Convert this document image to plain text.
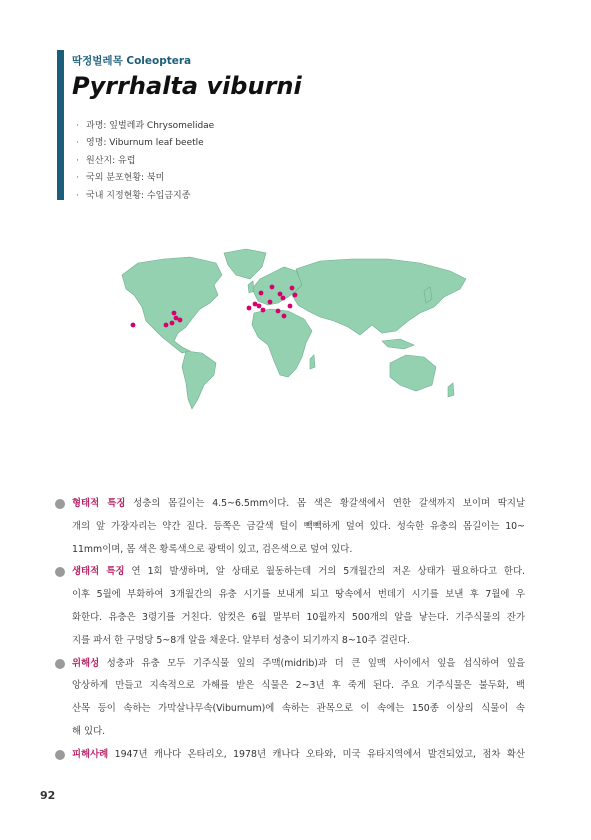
딱정벌레목 Coleoptera
Pyrrhalta viburni
· 과명: 잎벌레과 Chrysomelidae
· 영명: Viburnum leaf beetle
· 원산지: 유럽
· 국외 분포현황: 북미
· 국내 지정현황: 수입금지종
형태적 특징 성충의 몸길이는 4.5~6.5mm이다. 몸 색은 황갈색에서 연한 갈색까지 보이며 딱지날
개의 앞 가장자리는 약간 짙다. 등쪽은 금갈색 털이 빽빽하게 덮여 있다. 성숙한 유충의 몸길이는 10~
11mm이며, 몸 색은 황록색으로 광택이 있고, 검은색으로 덮여 있다.
생태적 특징 연 1회 발생하며, 알 상태로 월동하는데 거의 5개월간의 저온 상태가 필요하다고 한다.
이후 5월에 부화하여 3개월간의 유충 시기를 보내게 되고 땅속에서 번데기 시기를 보낸 후 7월에 우
화한다. 유충은 3령기를 거친다. 암컷은 6월 말부터 10월까지 500개의 알을 낳는다. 기주식물의 잔가
지를 파서 한 구멍당 5~8개 알을 채운다. 알부터 성충이 되기까지 8~10주 걸린다.
위해성 성충과 유충 모두 기주식물 잎의 주맥(midrib)과 더 큰 잎맥 사이에서 잎을 섭식하여 잎을
앙상하게 만들고 지속적으로 가해를 받은 식물은 2~3년 후 죽게 된다. 주요 기주식물은 불두화, 백
산목 등이 속하는 가막살나무속(Viburnum)에 속하는 관목으로 이 속에는 150종 이상의 식물이 속
해 있다.
피해사례 1947년 캐나다 온타리오, 1978년 캐나다 오타와, 미국 유타지역에서 발견되었고, 점차 확산
92
